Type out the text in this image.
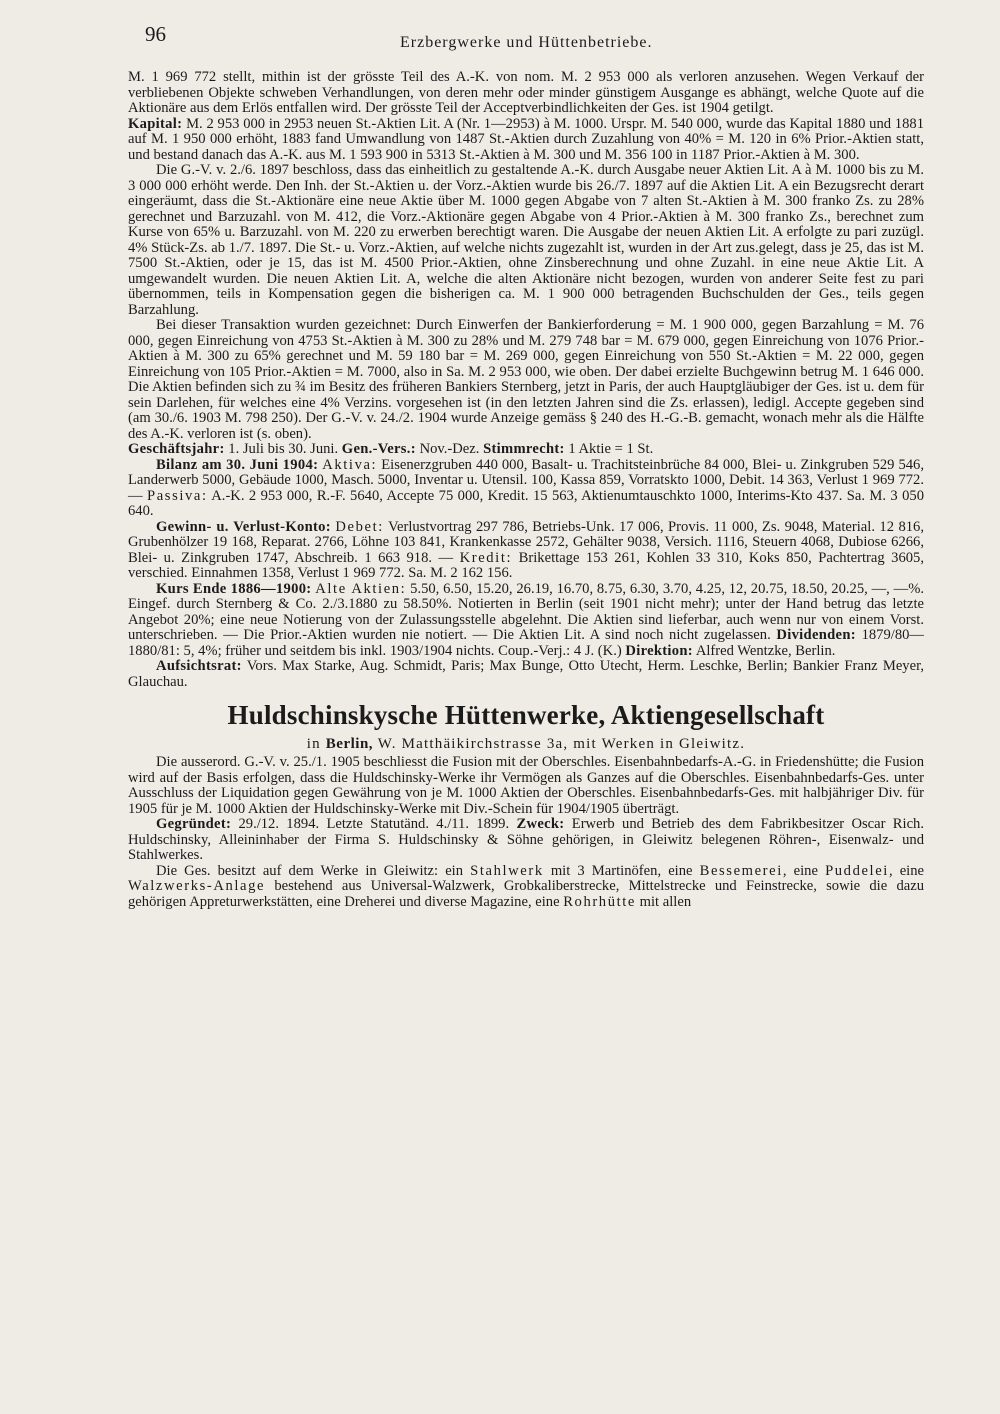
96	Erzbergwerke und Hüttenbetriebe.

M. 1 969 772 stellt, mithin ist der grösste Teil des A.-K. von nom. M. 2 953 000 als verloren anzusehen. Wegen Verkauf der verbliebenen Objekte schweben Verhandlungen, von deren mehr oder minder günstigem Ausgange es abhängt, welche Quote auf die Aktionäre aus dem Erlös entfallen wird. Der grösste Teil der Acceptverbindlichkeiten der Ges. ist 1904 getilgt.

Kapital: M. 2 953 000 in 2953 neuen St.-Aktien Lit. A (Nr. 1—2953) à M. 1000. Urspr. M. 540 000, wurde das Kapital 1880 und 1881 auf M. 1 950 000 erhöht, 1883 fand Umwandlung von 1487 St.-Aktien durch Zuzahlung von 40% = M. 120 in 6% Prior.-Aktien statt, und bestand danach das A.-K. aus M. 1 593 900 in 5313 St.-Aktien à M. 300 und M. 356 100 in 1187 Prior.-Aktien à M. 300.

Die G.-V. v. 2./6. 1897 beschloss, dass das einheitlich zu gestaltende A.-K. durch Ausgabe neuer Aktien Lit. A à M. 1000 bis zu M. 3 000 000 erhöht werde. Den Inh. der St.-Aktien u. der Vorz.-Aktien wurde bis 26./7. 1897 auf die Aktien Lit. A ein Bezugsrecht derart eingeräumt, dass die St.-Aktionäre eine neue Aktie über M. 1000 gegen Abgabe von 7 alten St.-Aktien à M. 300 franko Zs. zu 28% gerechnet und Barzuzahl. von M. 412, die Vorz.-Aktionäre gegen Abgabe von 4 Prior.-Aktien à M. 300 franko Zs., berechnet zum Kurse von 65% u. Barzuzahl. von M. 220 zu erwerben berechtigt waren. Die Ausgabe der neuen Aktien Lit. A erfolgte zu pari zuzügl. 4% Stück-Zs. ab 1./7. 1897. Die St.- u. Vorz.-Aktien, auf welche nichts zugezahlt ist, wurden in der Art zus.gelegt, dass je 25, das ist M. 7500 St.-Aktien, oder je 15, das ist M. 4500 Prior.-Aktien, ohne Zinsberechnung und ohne Zuzahl. in eine neue Aktie Lit. A umgewandelt wurden. Die neuen Aktien Lit. A, welche die alten Aktionäre nicht bezogen, wurden von anderer Seite fest zu pari übernommen, teils in Kompensation gegen die bisherigen ca. M. 1 900 000 betragenden Buchschulden der Ges., teils gegen Barzahlung.

Bei dieser Transaktion wurden gezeichnet: Durch Einwerfen der Bankierforderung = M. 1 900 000, gegen Barzahlung = M. 76 000, gegen Einreichung von 4753 St.-Aktien à M. 300 zu 28% und M. 279 748 bar = M. 679 000, gegen Einreichung von 1076 Prior.-Aktien à M. 300 zu 65% gerechnet und M. 59 180 bar = M. 269 000, gegen Einreichung von 550 St.-Aktien = M. 22 000, gegen Einreichung von 105 Prior.-Aktien = M. 7000, also in Sa. M. 2 953 000, wie oben. Der dabei erzielte Buchgewinn betrug M. 1 646 000. Die Aktien befinden sich zu ¾ im Besitz des früheren Bankiers Sternberg, jetzt in Paris, der auch Hauptgläubiger der Ges. ist u. dem für sein Darlehen, für welches eine 4% Verzins. vorgesehen ist (in den letzten Jahren sind die Zs. erlassen), ledigl. Accepte gegeben sind (am 30./6. 1903 M. 798 250). Der G.-V. v. 24./2. 1904 wurde Anzeige gemäss § 240 des H.-G.-B. gemacht, wonach mehr als die Hälfte des A.-K. verloren ist (s. oben).

Geschäftsjahr: 1. Juli bis 30. Juni. Gen.-Vers.: Nov.-Dez. Stimmrecht: 1 Aktie = 1 St.

Bilanz am 30. Juni 1904: Aktiva: Eisenerzgruben 440 000, Basalt- u. Trachitsteinbrüche 84 000, Blei- u. Zinkgruben 529 546, Landerwerb 5000, Gebäude 1000, Masch. 5000, Inventar u. Utensil. 100, Kassa 859, Vorratskto 1000, Debit. 14 363, Verlust 1 969 772. — Passiva: A.-K. 2 953 000, R.-F. 5640, Accepte 75 000, Kredit. 15 563, Aktienumtauschkto 1000, Interims-Kto 437. Sa. M. 3 050 640.

Gewinn- u. Verlust-Konto: Debet: Verlustvortrag 297 786, Betriebs-Unk. 17 006, Provis. 11 000, Zs. 9048, Material. 12 816, Grubenhölzer 19 168, Reparat. 2766, Löhne 103 841, Krankenkasse 2572, Gehälter 9038, Versich. 1116, Steuern 4068, Dubiose 6266, Blei- u. Zinkgruben 1747, Abschreib. 1 663 918. — Kredit: Brikettage 153 261, Kohlen 33 310, Koks 850, Pachtertrag 3605, verschied. Einnahmen 1358, Verlust 1 969 772. Sa. M. 2 162 156.

Kurs Ende 1886—1900: Alte Aktien: 5.50, 6.50, 15.20, 26.19, 16.70, 8.75, 6.30, 3.70, 4.25, 12, 20.75, 18.50, 20.25, —, —%. Eingef. durch Sternberg & Co. 2./3.1880 zu 58.50%. Notierten in Berlin (seit 1901 nicht mehr); unter der Hand betrug das letzte Angebot 20%; eine neue Notierung von der Zulassungsstelle abgelehnt. Die Aktien sind lieferbar, auch wenn nur von einem Vorst. unterschrieben. — Die Prior.-Aktien wurden nie notiert. — Die Aktien Lit. A sind noch nicht zugelassen. Dividenden: 1879/80—1880/81: 5, 4%; früher und seitdem bis inkl. 1903/1904 nichts. Coup.-Verj.: 4 J. (K.) Direktion: Alfred Wentzke, Berlin.

Aufsichtsrat: Vors. Max Starke, Aug. Schmidt, Paris; Max Bunge, Otto Utecht, Herm. Leschke, Berlin; Bankier Franz Meyer, Glauchau.

Huldschinskysche Hüttenwerke, Aktiengesellschaft
in Berlin, W. Matthäikirchstrasse 3a, mit Werken in Gleiwitz.

Die ausserord. G.-V. v. 25./1. 1905 beschliesst die Fusion mit der Oberschles. Eisenbahnbedarfs-A.-G. in Friedenshütte; die Fusion wird auf der Basis erfolgen, dass die Huldschinsky-Werke ihr Vermögen als Ganzes auf die Oberschles. Eisenbahnbedarfs-Ges. unter Ausschluss der Liquidation gegen Gewährung von je M. 1000 Aktien der Oberschles. Eisenbahnbedarfs-Ges. mit halbjähriger Div. für 1905 für je M. 1000 Aktien der Huldschinsky-Werke mit Div.-Schein für 1904/1905 überträgt.

Gegründet: 29./12. 1894. Letzte Statutänd. 4./11. 1899. Zweck: Erwerb und Betrieb des dem Fabrikbesitzer Oscar Rich. Huldschinsky, Alleininhaber der Firma S. Huldschinsky & Söhne gehörigen, in Gleiwitz belegenen Röhren-, Eisenwalz- und Stahlwerkes.

Die Ges. besitzt auf dem Werke in Gleiwitz: ein Stahlwerk mit 3 Martinöfen, eine Bessemerei, eine Puddelei, eine Walzwerks-Anlage bestehend aus Universal-Walzwerk, Grobkaliberstrecke, Mittelstrecke und Feinstrecke, sowie die dazu gehörigen Appreturwerkstätten, eine Dreherei und diverse Magazine, eine Rohrhütte mit allen
